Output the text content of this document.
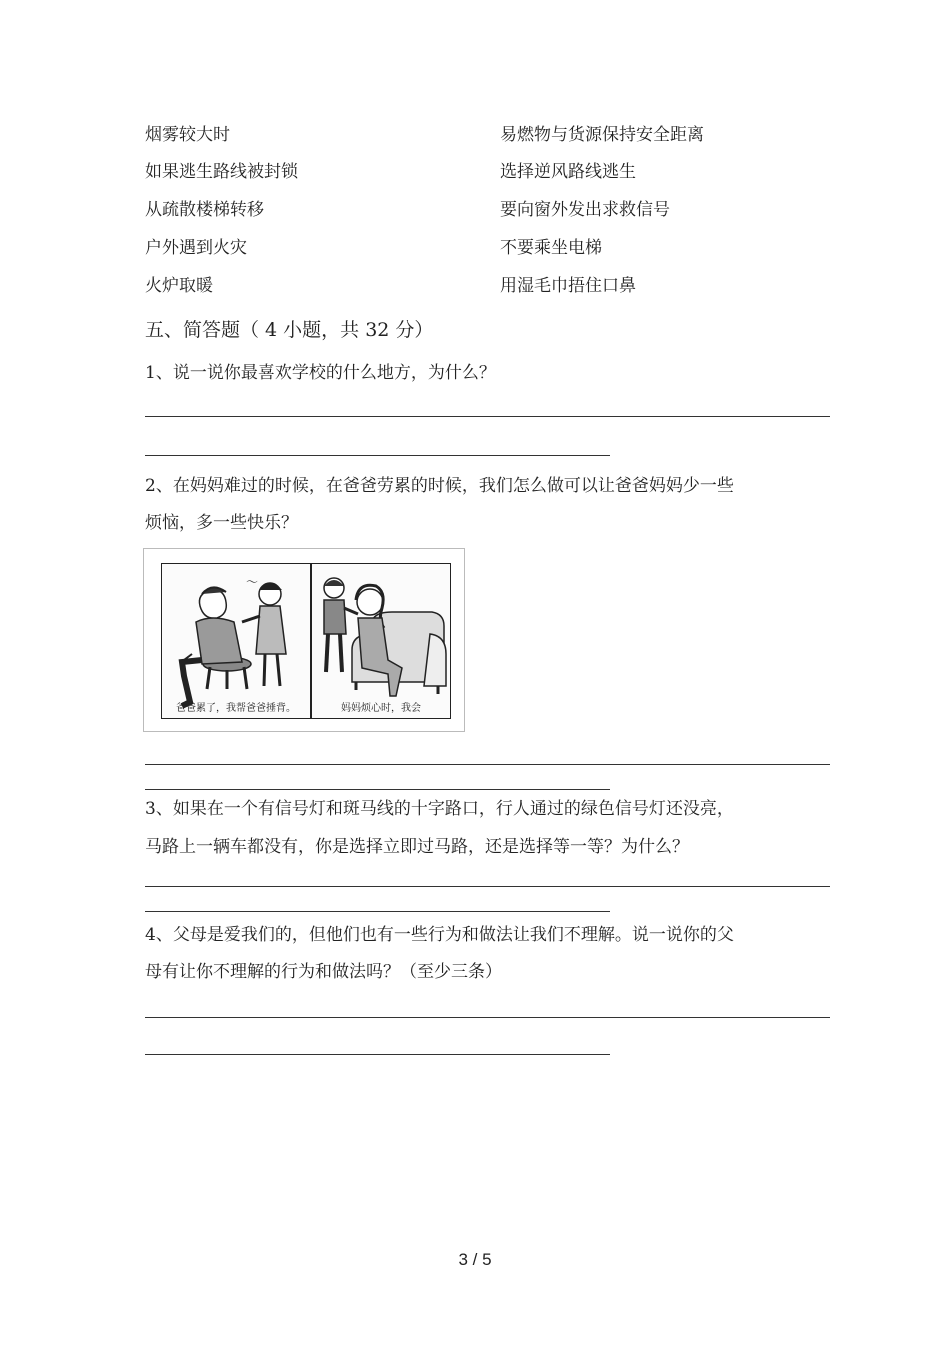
烟雾较大时	易燃物与货源保持安全距离
如果逃生路线被封锁	选择逆风路线逃生
从疏散楼梯转移	要向窗外发出求救信号
户外遇到火灾	不要乘坐电梯
火炉取暖	用湿毛巾捂住口鼻
五、简答题（ 4 小题，共 32 分）
1、说一说你最喜欢学校的什么地方，为什么？
2、在妈妈难过的时候，在爸爸劳累的时候，我们怎么做可以让爸爸妈妈少一些
烦恼，多一些快乐？
～
爸爸累了，我帮爸爸捶背。	妈妈烦心时，我会
3、如果在一个有信号灯和斑马线的十字路口，行人通过的绿色信号灯还没亮，
马路上一辆车都没有，你是选择立即过马路，还是选择等一等？为什么？
4、父母是爱我们的，但他们也有一些行为和做法让我们不理解。说一说你的父
母有让你不理解的行为和做法吗？（至少三条）
3 / 5
